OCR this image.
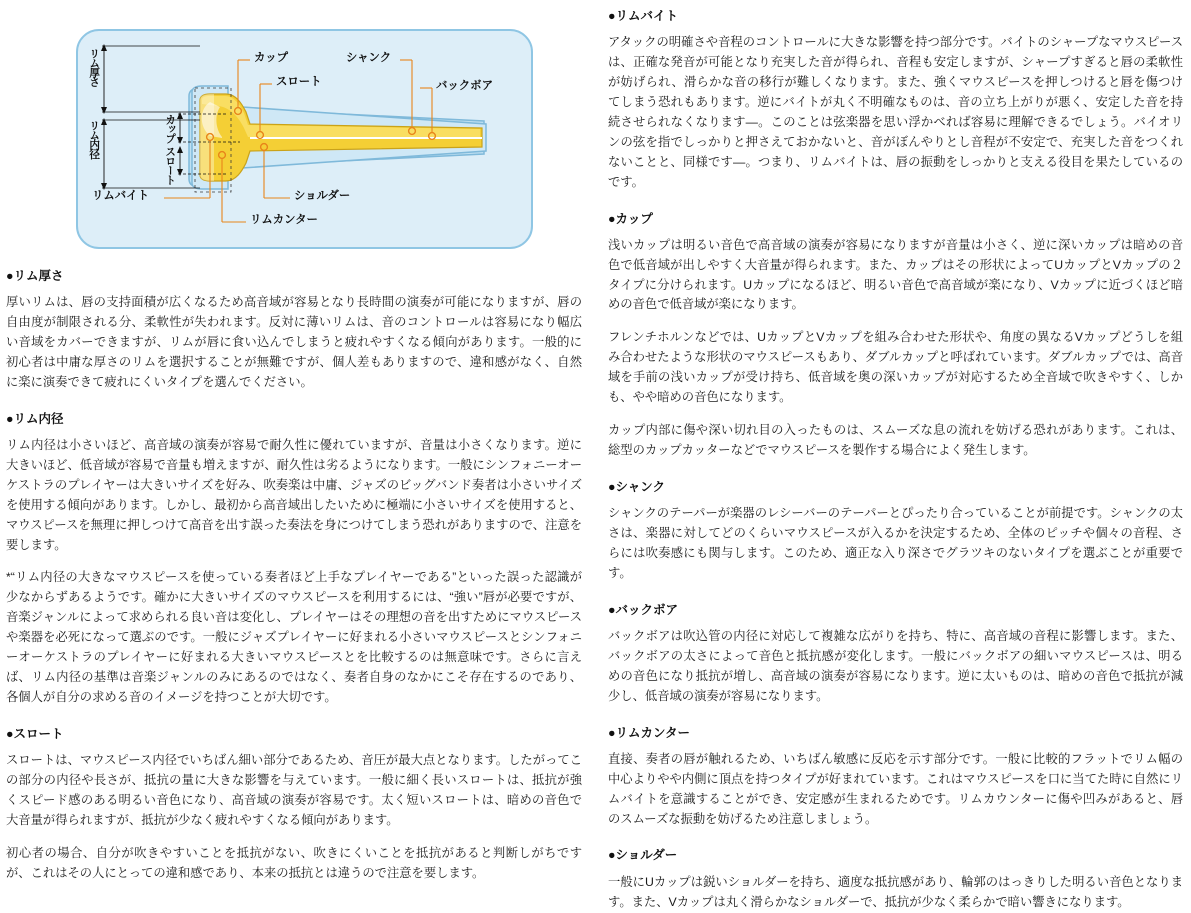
リム厚さ
リム内径	カップ
スロート
カップ
スロート
シャンク
バックボア
リムバイト	ショルダー
リムカンター
●リム厚さ

厚いリムは、唇の支持面積が広くなるため高音域が容易となり長時間の演奏が可能になりますが、唇の自由度が制限される分、柔軟性が失われます。反対に薄いリムは、音のコントロールは容易になり幅広い音域をカバーできますが、リムが唇に食い込んでしまうと疲れやすくなる傾向があります。一般的に初心者は中庸な厚さのリムを選択することが無難ですが、個人差もありますので、違和感がなく、自然に楽に演奏できて疲れにくいタイプを選んでください。

●リム内径

リム内径は小さいほど、高音域の演奏が容易で耐久性に優れていますが、音量は小さくなります。逆に大きいほど、低音域が容易で音量も増えますが、耐久性は劣るようになります。一般にシンフォニーオーケストラのプレイヤーは大きいサイズを好み、吹奏楽は中庸、ジャズのビッグバンド奏者は小さいサイズを使用する傾向があります。しかし、最初から高音域出したいために極端に小さいサイズを使用すると、マウスピースを無理に押しつけて高音を出す誤った奏法を身につけてしまう恐れがありますので、注意を要します。

*“リム内径の大きなマウスピースを使っている奏者ほど上手なプレイヤーである”といった誤った認識が少なからずあるようです。確かに大きいサイズのマウスピースを利用するには、“強い”唇が必要ですが、音楽ジャンルによって求められる良い音は変化し、プレイヤーはその理想の音を出すためにマウスピースや楽器を必死になって選ぶのです。一般にジャズプレイヤーに好まれる小さいマウスピースとシンフォニーオーケストラのプレイヤーに好まれる大きいマウスピースとを比較するのは無意味です。さらに言えば、リム内径の基準は音楽ジャンルのみにあるのではなく、奏者自身のなかにこそ存在するのであり、各個人が自分の求める音のイメージを持つことが大切です。

●スロート

スロートは、マウスピース内径でいちばん細い部分であるため、音圧が最大点となります。したがってこの部分の内径や長さが、抵抗の量に大きな影響を与えています。一般に細く長いスロートは、抵抗が強くスピード感のある明るい音色になり、高音域の演奏が容易です。太く短いスロートは、暗めの音色で大音量が得られますが、抵抗が少なく疲れやすくなる傾向があります。

初心者の場合、自分が吹きやすいことを抵抗がない、吹きにくいことを抵抗があると判断しがちですが、これはその人にとっての違和感であり、本来の抵抗とは違うので注意を要します。

●リムバイト

アタックの明確さや音程のコントロールに大きな影響を持つ部分です。バイトのシャープなマウスピースは、正確な発音が可能となり充実した音が得られ、音程も安定しますが、シャープすぎると唇の柔軟性が妨げられ、滑らかな音の移行が難しくなります。また、強くマウスピースを押しつけると唇を傷つけてしまう恐れもあります。逆にバイトが丸く不明確なものは、音の立ち上がりが悪く、安定した音を持続させられなくなります―。このことは弦楽器を思い浮かべれば容易に理解できるでしょう。バイオリンの弦を指でしっかりと押さえておかないと、音がぼんやりとし音程が不安定で、充実した音をつくれないことと、同様です―。つまり、リムバイトは、唇の振動をしっかりと支える役目を果たしているのです。

●カップ

浅いカップは明るい音色で高音域の演奏が容易になりますが音量は小さく、逆に深いカップは暗めの音色で低音域が出しやすく大音量が得られます。また、カップはその形状によってUカップとVカップの２タイプに分けられます。Uカップになるほど、明るい音色で高音域が楽になり、Vカップに近づくほど暗めの音色で低音域が楽になります。

フレンチホルンなどでは、UカップとVカップを組み合わせた形状や、角度の異なるVカップどうしを組み合わせたような形状のマウスピースもあり、ダブルカップと呼ばれています。ダブルカップでは、高音域を手前の浅いカップが受け持ち、低音域を奥の深いカップが対応するため全音域で吹きやすく、しかも、やや暗めの音色になります。

カップ内部に傷や深い切れ目の入ったものは、スムーズな息の流れを妨げる恐れがあります。これは、総型のカップカッターなどでマウスピースを製作する場合によく発生します。

●シャンク

シャンクのテーパーが楽器のレシーバーのテーパーとぴったり合っていることが前提です。シャンクの太さは、楽器に対してどのくらいマウスピースが入るかを決定するため、全体のピッチや個々の音程、さらには吹奏感にも関与します。このため、適正な入り深さでグラツキのないタイプを選ぶことが重要です。

●バックボア

バックボアは吹込管の内径に対応して複雑な広がりを持ち、特に、高音域の音程に影響します。また、バックボアの太さによって音色と抵抗感が変化します。一般にバックボアの細いマウスピースは、明るめの音色になり抵抗が増し、高音域の演奏が容易になります。逆に太いものは、暗めの音色で抵抗が減少し、低音域の演奏が容易になります。

●リムカンター

直接、奏者の唇が触れるため、いちばん敏感に反応を示す部分です。一般に比較的フラットでリム幅の中心よりやや内側に頂点を持つタイプが好まれています。これはマウスピースを口に当てた時に自然にリムバイトを意識することができ、安定感が生まれるためです。リムカウンターに傷や凹みがあると、唇のスムーズな振動を妨げるため注意しましょう。

●ショルダー

一般にUカップは鋭いショルダーを持ち、適度な抵抗感があり、輪郭のはっきりした明るい音色となります。また、Vカップは丸く滑らかなショルダーで、抵抗が少なく柔らかで暗い響きになります。
